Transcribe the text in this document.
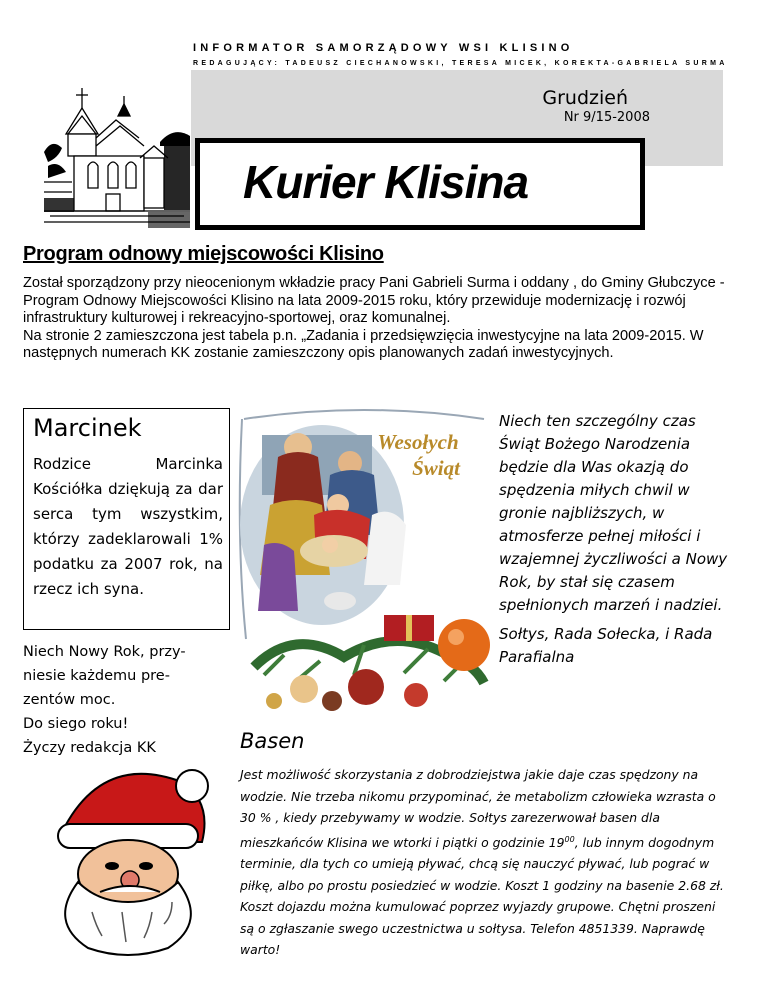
INFORMATOR SAMORZĄDOWY WSI KLISINO
REDAGUJĄCY: TADEUSZ CIECHANOWSKI, TERESA MICEK, KOREKTA-GABRIELA SURMA
Grudzień
Nr 9/15-2008
Kurier Klisina
Program odnowy miejscowości Klisino

Został sporządzony przy nieocenionym wkładzie pracy Pani Gabrieli Surma i oddany , do Gminy Głubczyce - Program Odnowy Miejscowości Klisino na lata 2009-2015 roku, który przewiduje modernizację i rozwój infrastruktury kulturowej i rekreacyjno-sportowej, oraz komunalnej.

Na stronie 2 zamieszczona jest tabela p.n. „Zadania i przedsięwzięcia inwestycyjne na lata 2009-2015. W następnych numerach KK zostanie zamieszczony opis planowanych zadań inwestycyjnych.

Marcinek
Rodzice Marcinka Kościółka dziękują za dar serca tym wszystkim, którzy zadeklarowali 1% podatku za 2007 rok, na rzecz ich syna.
Niech Nowy Rok, przy-
niesie każdemu pre-
zentów moc.
Do siego roku!
Życzy redakcja KK
Wesołych
Świąt

Niech ten szczególny czas Świąt Bożego Narodzenia będzie dla Was okazją do spędzenia miłych chwil w gronie najbliższych, w atmosferze pełnej miłości i wzajemnej życzliwości a Nowy Rok, by stał się czasem spełnionych marzeń i nadziei.

Sołtys, Rada Sołecka, i Rada Parafialna

Basen
Jest możliwość skorzystania z dobrodziejstwa jakie daje czas spędzony na wodzie. Nie trzeba nikomu przypominać, że metabolizm człowieka wzrasta o 30 % , kiedy przebywamy w wodzie. Sołtys zarezerwował basen dla mieszkańców Klisina we wtorki i piątki o godzinie $19^{00}$, lub innym dogodnym terminie, dla tych co umieją pływać, chcą się nauczyć pływać, lub pograć w piłkę, albo po prostu posiedzieć w wodzie. Koszt 1 godziny na basenie 2.68 zł. Koszt dojazdu można kumulować poprzez wyjazdy grupowe. Chętni proszeni są o zgłaszanie swego uczestnictwa u sołtysa. Telefon 4851339. Naprawdę warto!
